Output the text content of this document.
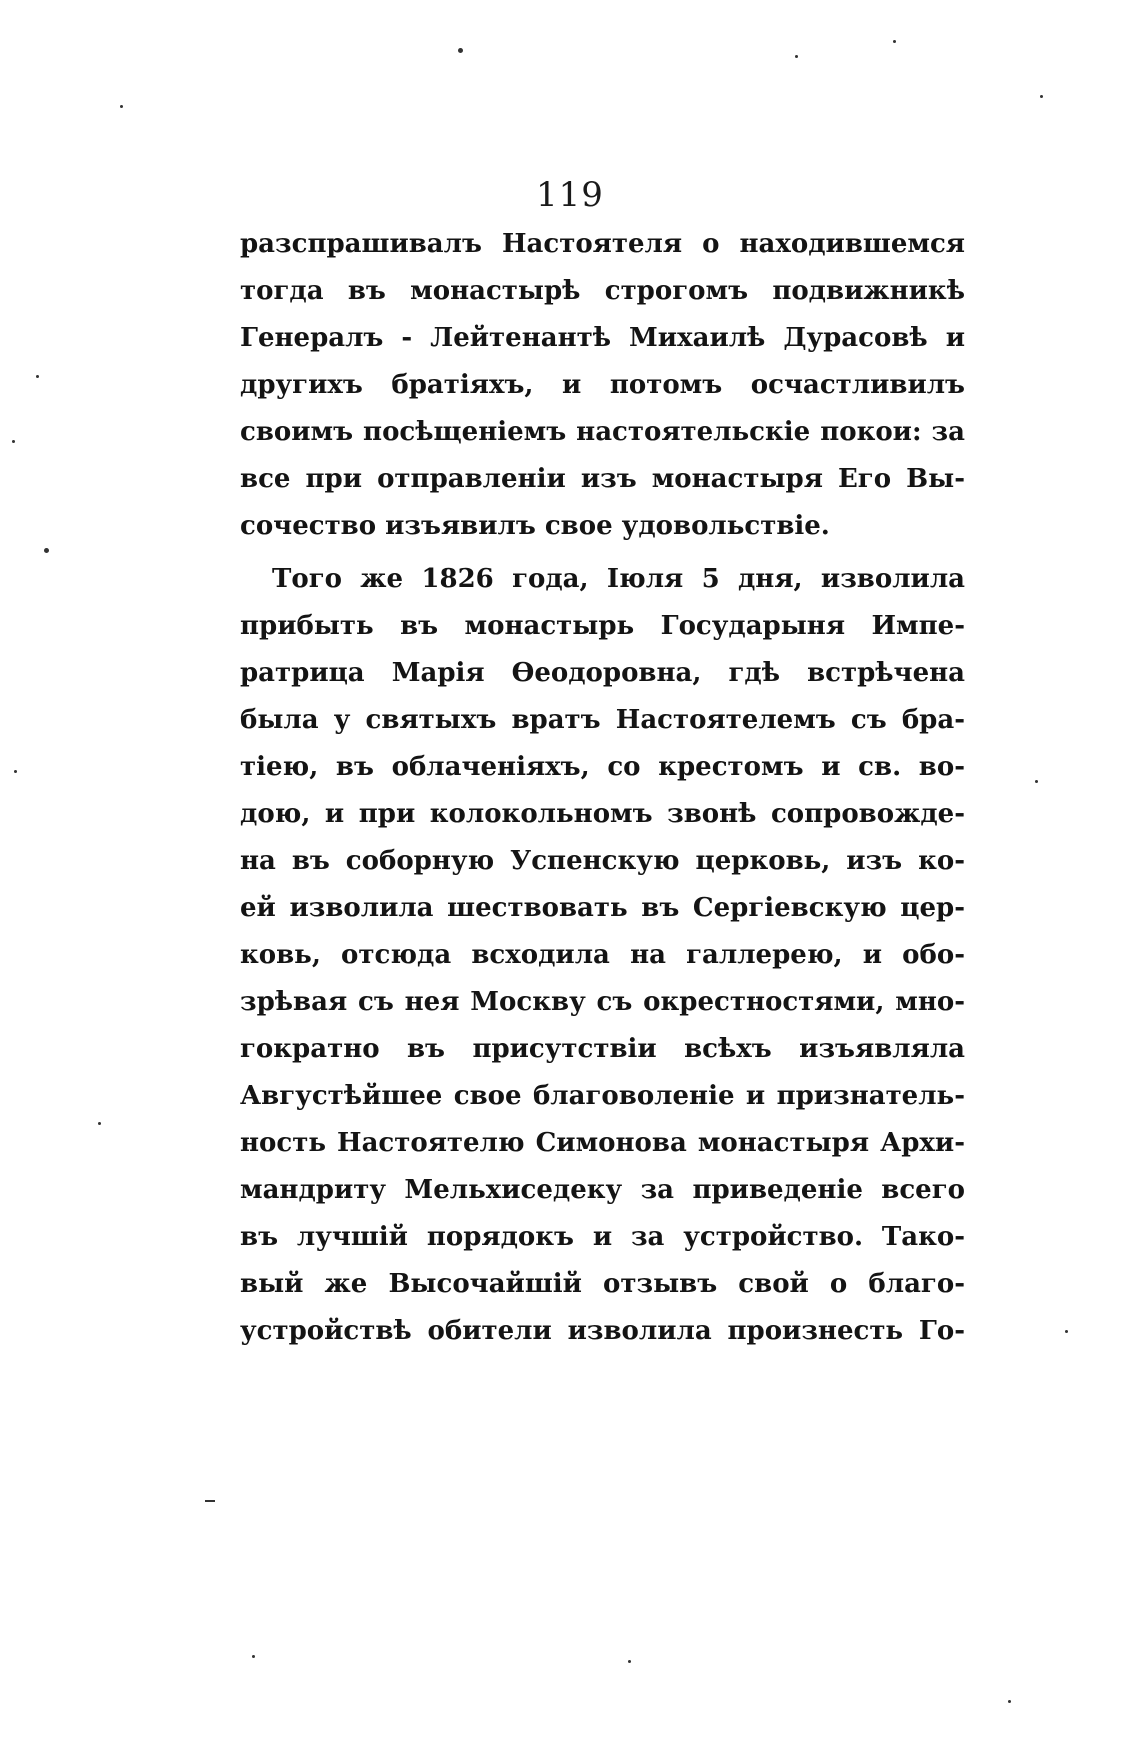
119
разспрашивалъ Настоятеля о находившемся
тогда въ монастырѣ строгомъ подвижникѣ
Генералъ - Лейтенантѣ Михаилѣ Дурасовѣ и
другихъ братіяхъ, и потомъ осчастливилъ
своимъ посѣщеніемъ настоятельскіе покои: за
все при отправленіи изъ монастыря Его Вы-
сочество изъявилъ свое удовольствіе.
Того же 1826 года, Іюля 5 дня, изволила
прибыть въ монастырь Государыня Импе-
ратрица Марія Ѳеодоровна, гдѣ встрѣчена
была у святыхъ вратъ Настоятелемъ съ бра-
тіею, въ облаченіяхъ, со крестомъ и св. во-
дою, и при колокольномъ звонѣ сопровожде-
на въ соборную Успенскую церковь, изъ ко-
ей изволила шествовать въ Сергіевскую цер-
ковь, отсюда всходила на галлерею, и обо-
зрѣвая съ нея Москву съ окрестностями, мно-
гократно въ присутствіи всѣхъ изъявляла
Августѣйшее свое благоволеніе и признатель-
ность Настоятелю Симонова монастыря Архи-
мандриту Мельхиседеку за приведеніе всего
въ лучшій порядокъ и за устройство. Тако-
вый же Высочайшій отзывъ свой о благо-
устройствѣ обители изволила произнесть Го-
